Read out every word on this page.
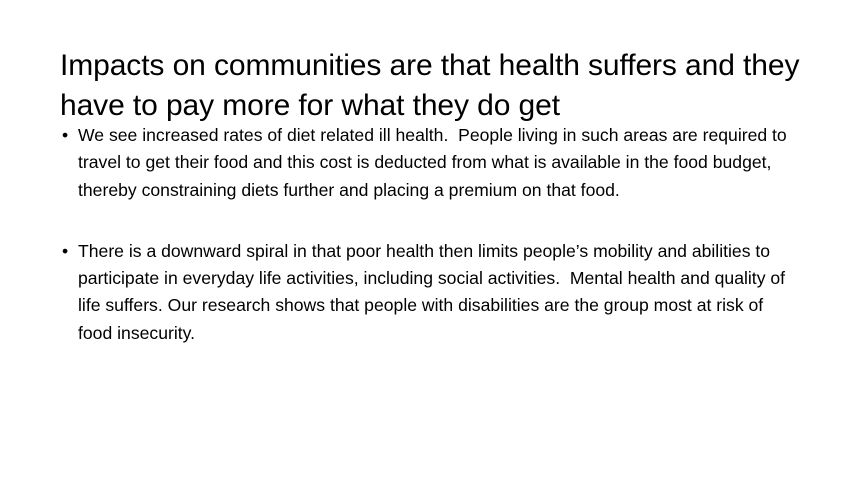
Impacts on communities are that health suffers and they have to pay more for what they do get
• We see increased rates of diet related ill health.  People living in such areas are required to travel to get their food and this cost is deducted from what is available in the food budget, thereby constraining diets further and placing a premium on that food.
• There is a downward spiral in that poor health then limits people’s mobility and abilities to participate in everyday life activities, including social activities.  Mental health and quality of life suffers. Our research shows that people with disabilities are the group most at risk of food insecurity.
